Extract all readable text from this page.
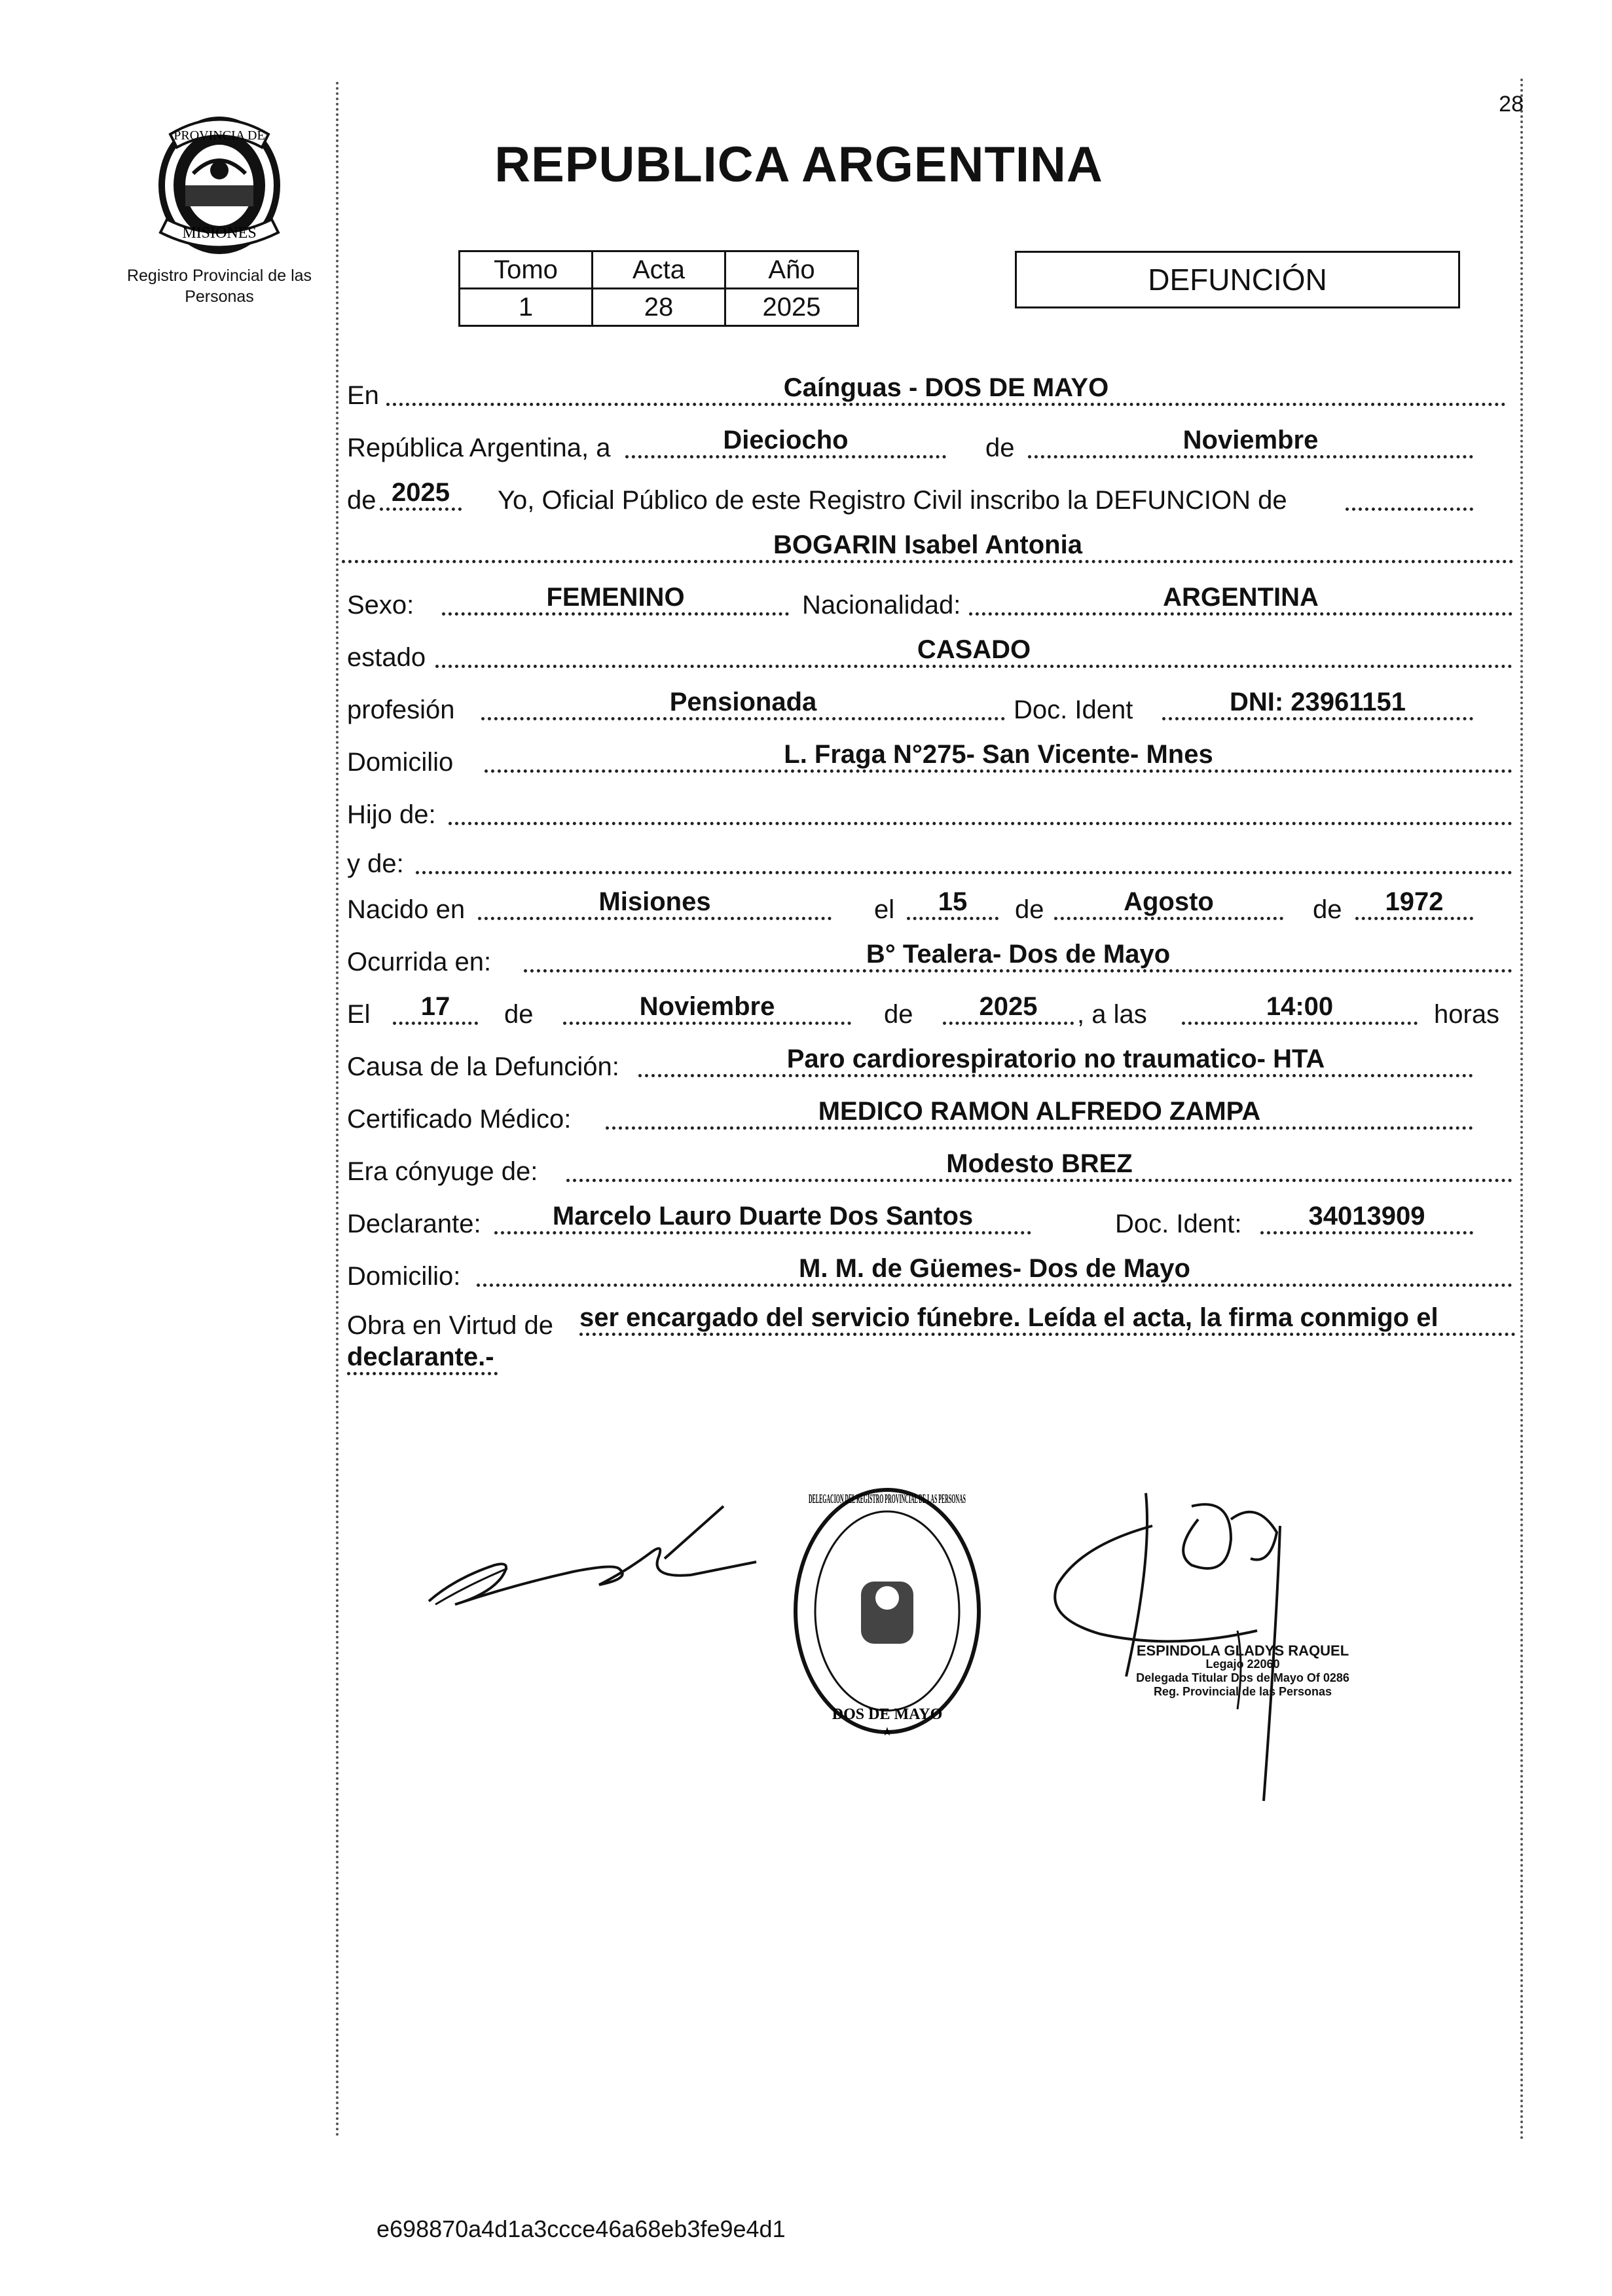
PROVINCIA DE
MISIONES
Registro Provincial de las Personas
28
REPUBLICA ARGENTINA
Tomo	Acta	Año
1	28	2025
DEFUNCIÓN
En	Caínguas - DOS DE MAYO
República Argentina, a	Dieciocho	de	Noviembre
de 2025	Yo, Oficial Público de este Registro Civil inscribo la DEFUNCION de
BOGARIN Isabel Antonia
Sexo:	FEMENINO	Nacionalidad:	ARGENTINA
estado	CASADO
profesión	Pensionada	Doc. Ident	DNI: 23961151
Domicilio	L. Fraga N°275- San Vicente- Mnes
Hijo de:
y de:
Nacido en	Misiones	el	15	de	Agosto	de	1972
Ocurrida en:	B° Tealera- Dos de Mayo
El	17	de	Noviembre	de	2025	, a las	14:00	horas
Causa de la Defunción:	Paro cardiorespiratorio no traumatico- HTA
Certificado Médico:	MEDICO RAMON ALFREDO ZAMPA
Era cónyuge de:	Modesto BREZ
Declarante:	Marcelo Lauro Duarte Dos Santos	Doc. Ident:	34013909
Domicilio:	M. M. de Güemes- Dos de Mayo
Obra en Virtud de ser encargado del servicio fúnebre. Leída el acta, la firma conmigo el
declarante.-
DELEGACION DEL REGISTRO PROVINCIAL DE LAS PERSONAS
DOS DE MAYO
★
ESPINDOLA GLADYS RAQUEL
Legajo 22060
Delegada Titular Dos de Mayo Of 0286
Reg. Provincial de las Personas
e698870a4d1a3ccce46a68eb3fe9e4d1
